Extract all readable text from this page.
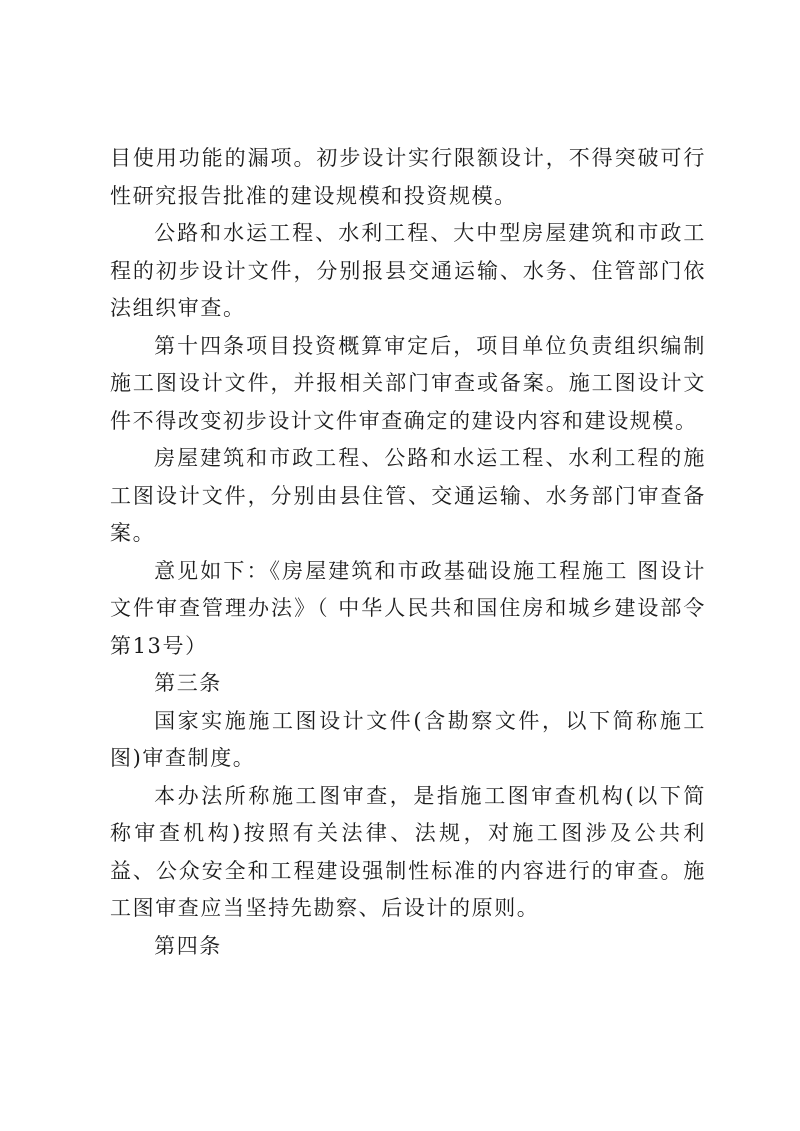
目使用功能的漏项。初步设计实行限额设计，不得突破可行性研究报告批准的建设规模和投资规模。

公路和水运工程、水利工程、大中型房屋建筑和市政工程的初步设计文件，分别报县交通运输、水务、住管部门依法组织审查。

第十四条项目投资概算审定后，项目单位负责组织编制施工图设计文件，并报相关部门审查或备案。施工图设计文件不得改变初步设计文件审查确定的建设内容和建设规模。

房屋建筑和市政工程、公路和水运工程、水利工程的施工图设计文件，分别由县住管、交通运输、水务部门审查备案。

意见如下：《房屋建筑和市政基础设施工程施工 图设计 文件审查管理办法》（ 中华人民共和国住房和城乡建设部令第13号）

第三条

国家实施施工图设计文件(含勘察文件，以下简称施工图)审查制度。

本办法所称施工图审查，是指施工图审查机构(以下简称审查机构)按照有关法律、法规，对施工图涉及公共利益、公众安全和工程建设强制性标准的内容进行的审查。施工图审查应当坚持先勘察、后设计的原则。

第四条
